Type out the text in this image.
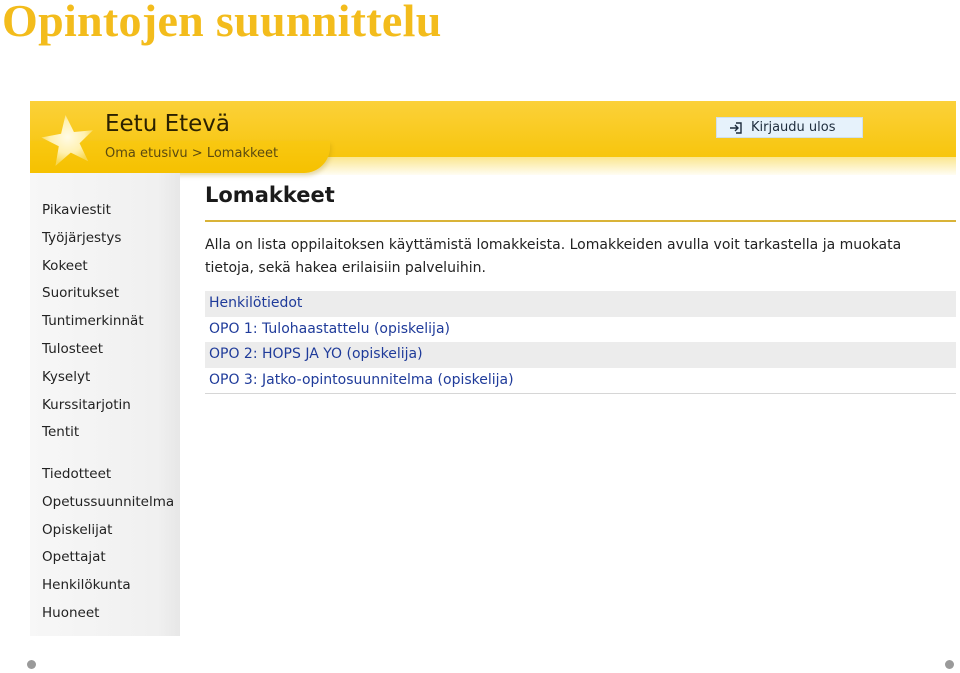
Opintojen suunnittelu
Eetu Etevä
Oma etusivu > Lomakkeet
Kirjaudu ulos
Pikaviestit
Työjärjestys
Kokeet
Suoritukset
Tuntimerkinnät
Tulosteet
Kyselyt
Kurssitarjotin
Tentit
Tiedotteet
Opetussuunnitelma
Opiskelijat
Opettajat
Henkilökunta
Huoneet
Lomakkeet
Alla on lista oppilaitoksen käyttämistä lomakkeista. Lomakkeiden avulla voit tarkastella ja muokata tietoja, sekä hakea erilaisiin palveluihin.
Henkilötiedot
OPO 1: Tulohaastattelu (opiskelija)
OPO 2: HOPS JA YO (opiskelija)
OPO 3: Jatko-opintosuunnitelma (opiskelija)
